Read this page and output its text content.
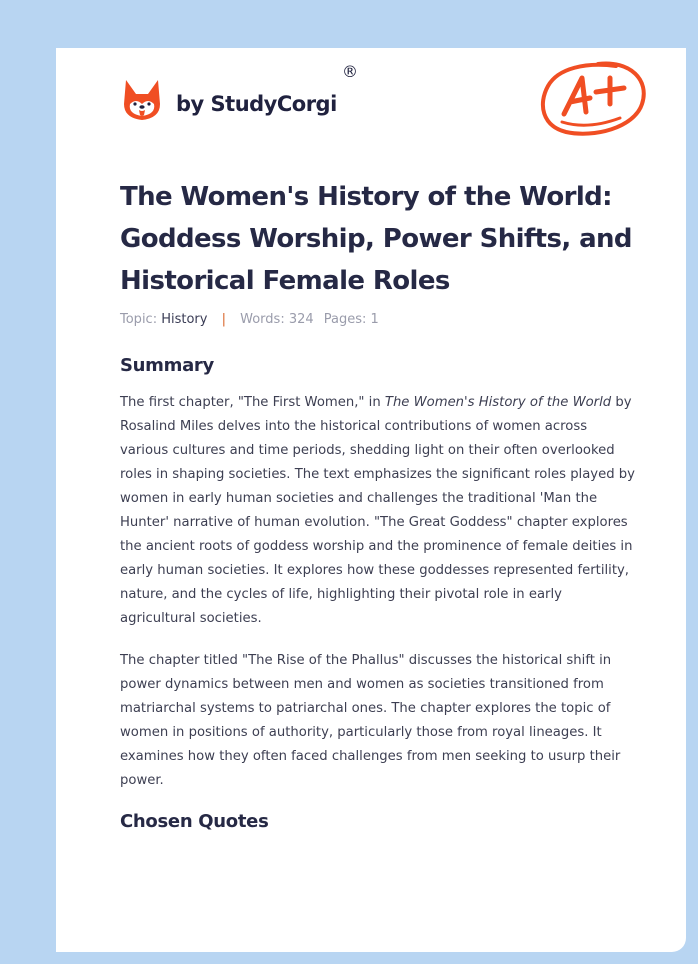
by StudyCorgi
®
The Women's History of the World: Goddess Worship, Power Shifts, and Historical Female Roles
Topic: History | Words: 324 Pages: 1
Summary

The first chapter, "The First Women," in The Women's History of the World by Rosalind Miles delves into the historical contributions of women across various cultures and time periods, shedding light on their often overlooked roles in shaping societies. The text emphasizes the significant roles played by women in early human societies and challenges the traditional 'Man the Hunter' narrative of human evolution. "The Great Goddess" chapter explores the ancient roots of goddess worship and the prominence of female deities in early human societies. It explores how these goddesses represented fertility, nature, and the cycles of life, highlighting their pivotal role in early agricultural societies.

The chapter titled "The Rise of the Phallus" discusses the historical shift in power dynamics between men and women as societies transitioned from matriarchal systems to patriarchal ones. The chapter explores the topic of women in positions of authority, particularly those from royal lineages. It examines how they often faced challenges from men seeking to usurp their power.

Chosen Quotes
